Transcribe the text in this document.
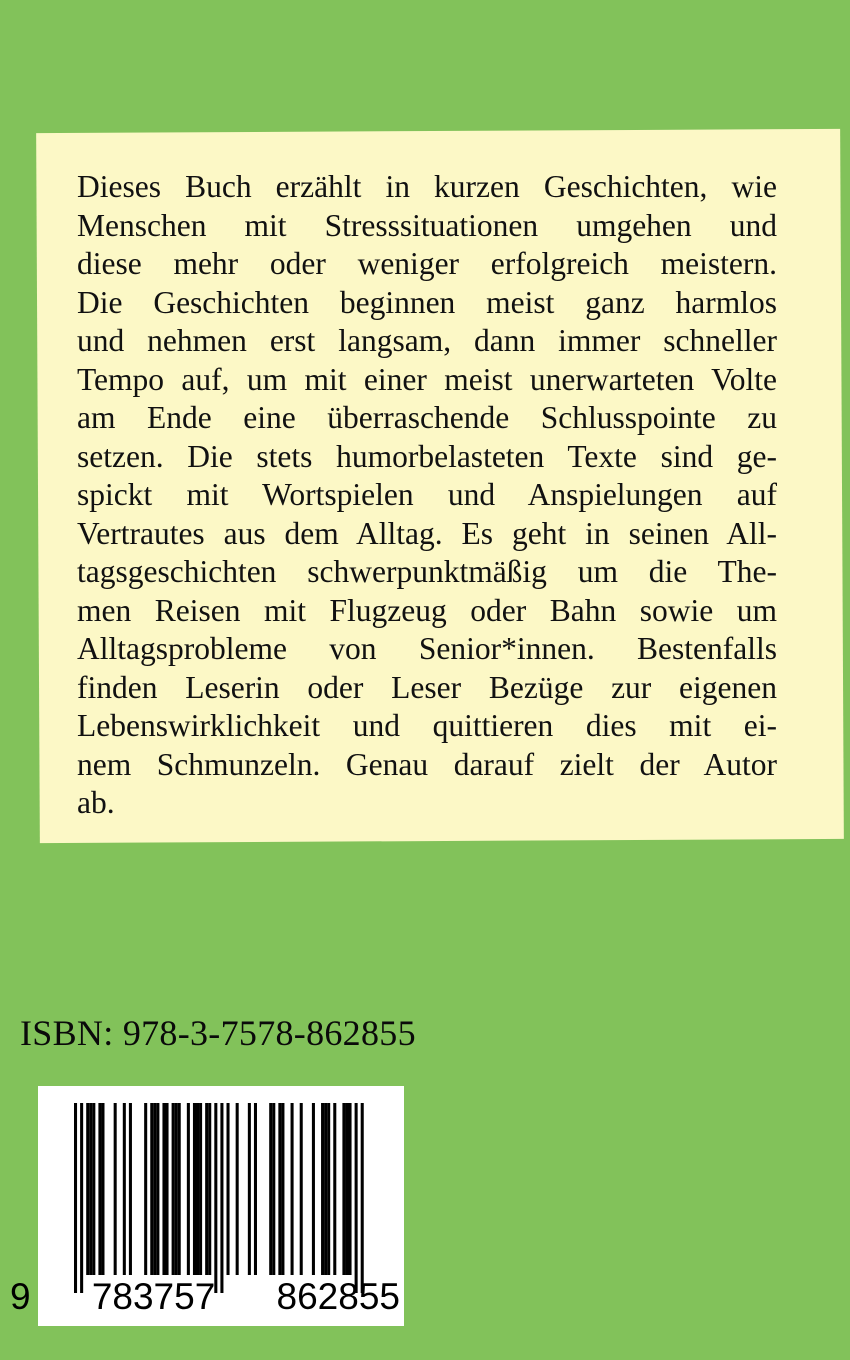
Dieses Buch erzählt in kurzen Geschichten, wie
Menschen mit Stresssituationen umgehen und
diese mehr oder weniger erfolgreich meistern.
Die Geschichten beginnen meist ganz harmlos
und nehmen erst langsam, dann immer schneller
Tempo auf, um mit einer meist unerwarteten Volte
am Ende eine überraschende Schlusspointe zu
setzen. Die stets humorbelasteten Texte sind ge-
spickt mit Wortspielen und Anspielungen auf
Vertrautes aus dem Alltag. Es geht in seinen All-
tagsgeschichten schwerpunktmäßig um die The-
men Reisen mit Flugzeug oder Bahn sowie um
Alltagsprobleme von Senior*innen. Bestenfalls
finden Leserin oder Leser Bezüge zur eigenen
Lebenswirklichkeit und quittieren dies mit ei-
nem Schmunzeln. Genau darauf zielt der Autor
ab.
ISBN: 978-3-7578-862855
9 783757 862855
